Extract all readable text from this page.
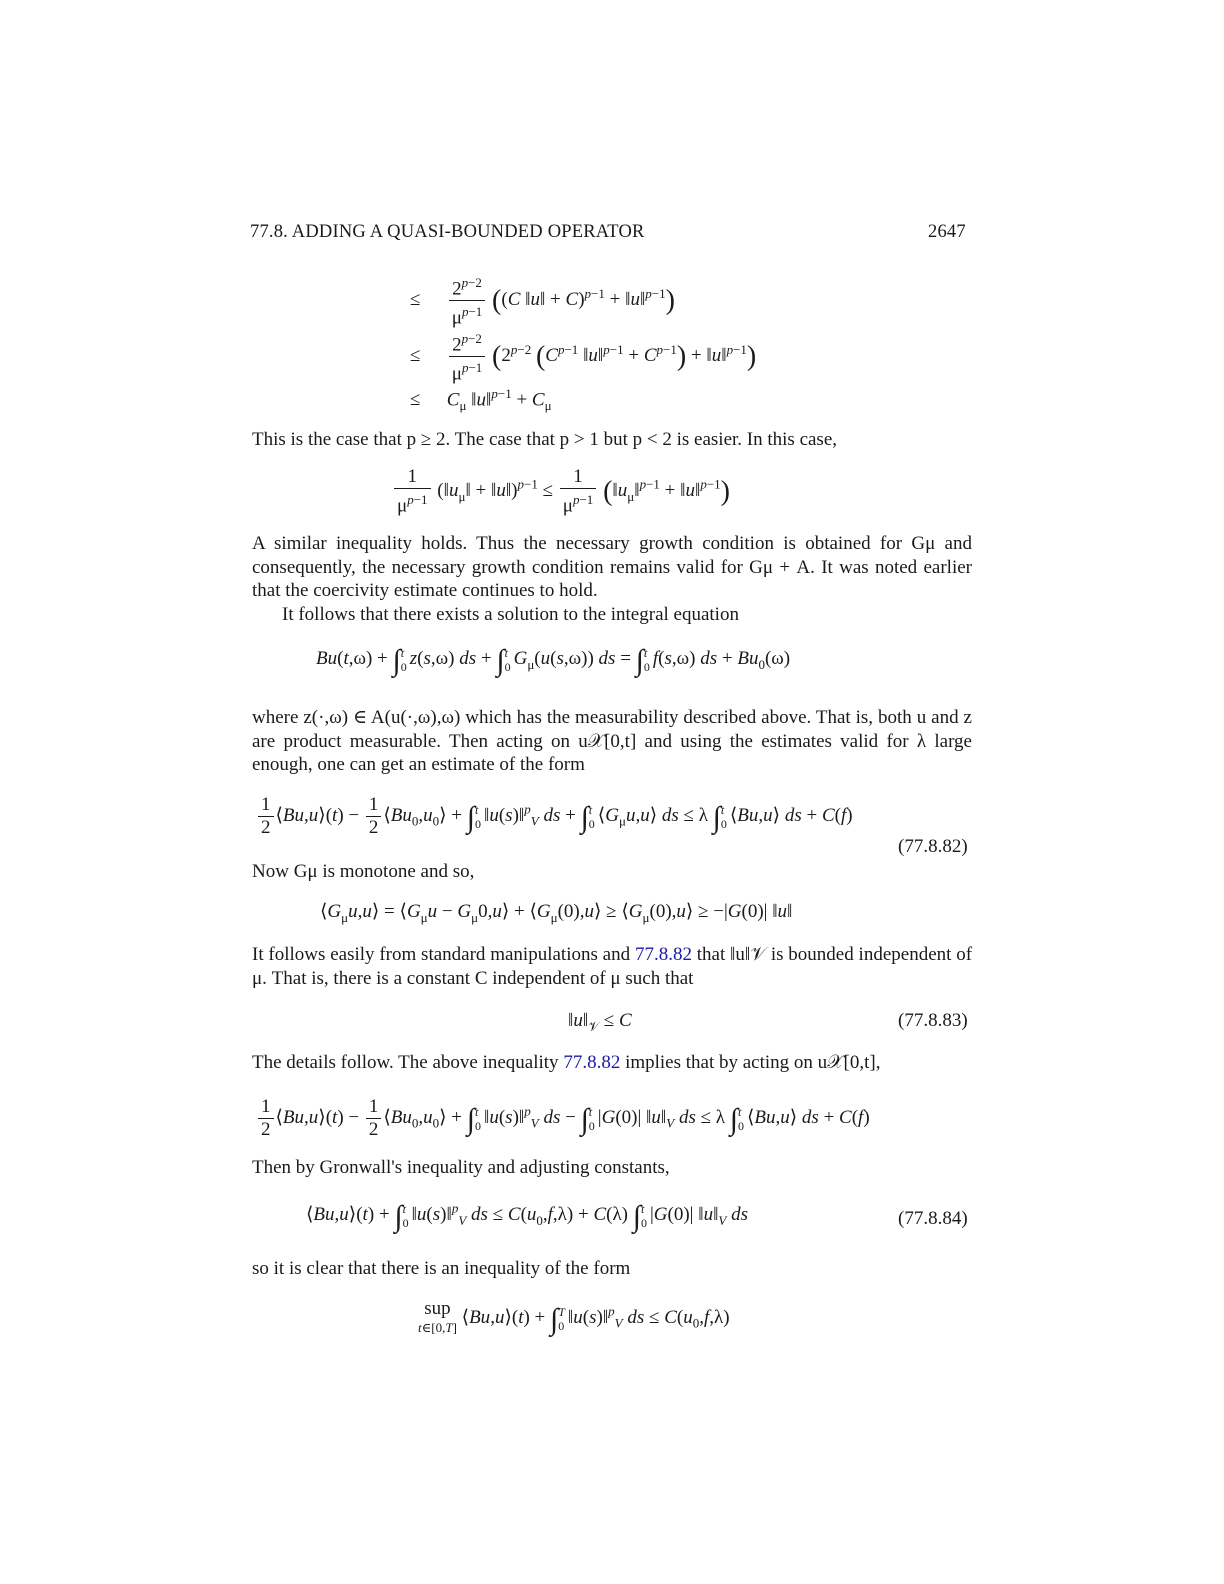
77.8. ADDING A QUASI-BOUNDED OPERATOR	2647
≤ $\frac{2^{p-2}}{\mu^{p-1}} ((C$ ‖u‖ + C)$^{p-1}$ + ‖u‖$^{p-1}$)
≤ $\frac{2^{p-2}}{\mu^{p-1}} (2^{p-2}$ ($C^{p-1}$ ‖u‖$^{p-1}$ + $C^{p-1}$) + ‖u‖$^{p-1}$)
≤ $C_\mu$ ‖u‖$^{p-1}$ + $C_\mu$
This is the case that p ≥ 2. The case that p > 1 but p < 2 is easier. In this case,
$\frac{1}{\mu^{p-1}}$ ($‖u_\mu‖$ + ‖u‖)$^{p-1}$ ≤ $\frac{1}{\mu^{p-1}}$ ($‖u_\mu‖^{p-1}$ + ‖u‖$^{p-1}$)
A similar inequality holds. Thus the necessary growth condition is obtained for Gμ and consequently, the necessary growth condition remains valid for Gμ + A. It was noted earlier that the coercivity estimate continues to hold.
It follows that there exists a solution to the integral equation
Bu(t,ω) + ∫ t
0 z(s,ω) ds + ∫ t
0 $G_\mu(u(s,\omega))$ ds = ∫ t
0 f(s,ω) ds + $Bu_0(\omega)$
where z(·,ω) ∈ A(u(·,ω),ω) which has the measurability described above. That is, both u and z are product measurable. Then acting on u𝒳[0,t] and using the estimates valid for λ large enough, one can get an estimate of the form
$\frac{1}{2}$ ⟨Bu,u⟩(t) − $\frac{1}{2}$ $⟨Bu_0,u_0⟩$ + ∫ t
0 ‖u(s)‖$^p_V$ ds + ∫ t
0 $⟨G_\mu u,u⟩$ ds ≤ λ ∫ t
0 ⟨Bu,u⟩ ds + C(f)
(77.8.82)
Now Gμ is monotone and so,
$⟨G_\mu u,u⟩$ = $⟨G_\mu u$ − $G_\mu 0,u⟩$ + $⟨G_\mu(0),u⟩$ ≥ $⟨G_\mu(0),u⟩ \ge -|G(0)|$ ‖u‖
It follows easily from standard manipulations and 77.8.82 that ‖u‖𝒱 is bounded independent of μ. That is, there is a constant C independent of μ such that
$‖u‖_𝒱 \le C$	(77.8.83)
The details follow. The above inequality 77.8.82 implies that by acting on u𝒳[0,t],
$\frac{1}{2}$ ⟨Bu,u⟩(t) − $\frac{1}{2}$ $⟨Bu_0,u_0⟩$ + ∫ t
0 ‖u(s)‖$^p_V$ ds − ∫ t
0 |G(0)| $‖u‖_V$ ds ≤ λ ∫ t
0 ⟨Bu,u⟩ ds + C(f)
Then by Gronwall's inequality and adjusting constants,
⟨Bu,u⟩(t) + ∫ t
0 ‖u(s)‖$^p_V$ ds ≤ $C(u_0,f,\lambda) + C(\lambda)$ ∫ t
0 |G(0)| $‖u‖_V$ ds	(77.8.84)
so it is clear that there is an inequality of the form
sup
t∈[0,T] ⟨Bu,u⟩(t) + ∫ T
0 ‖u(s)‖$^p_V$ ds ≤ $C(u_0,f,\lambda)$
